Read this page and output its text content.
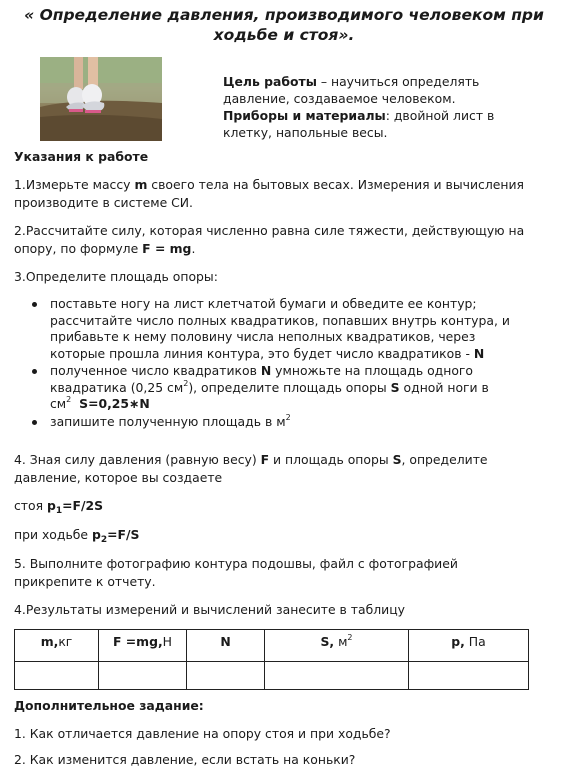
« Определение давления, производимого человеком при
ходьбе и стоя».
Цель работы – научиться определять давление, создаваемое человеком.
Приборы и материалы: двойной лист в клетку, напольные весы.
Указания к работе
1.Измерьте массу m своего тела на бытовых весах. Измерения и вычисления производите в системе СИ.
2.Рассчитайте силу, которая численно равна силе тяжести, действующую на опору, по формуле F = mg.
3.Определите площадь опоры:
поставьте ногу на лист клетчатой бумаги и обведите ее контур; рассчитайте число полных квадратиков, попавших внутрь контура, и прибавьте к нему половину числа неполных квадратиков, через которые прошла линия контура, это будет число квадратиков - N
полученное число квадратиков N умножьте на площадь одного квадратика (0,25 $см^2$), определите площадь опоры S одной ноги в $см^2$ S=0,25∗N
запишите полученную площадь в $м^2$
4. Зная силу давления (равную весу) F и площадь опоры S, определите давление, которое вы создаете
стоя $p_1=F/2S$
при ходьбе $p_2=F/S$
5. Выполните фотографию контура подошвы, файл с фотографией прикрепите к отчету.
4.Результаты измерений и вычислений занесите в таблицу
m,кг	F =mg,Н	N	S, $м^2$	p, Па

Дополнительное задание:
1. Как отличается давление на опору стоя и при ходьбе?
2. Как изменится давление, если встать на коньки?
